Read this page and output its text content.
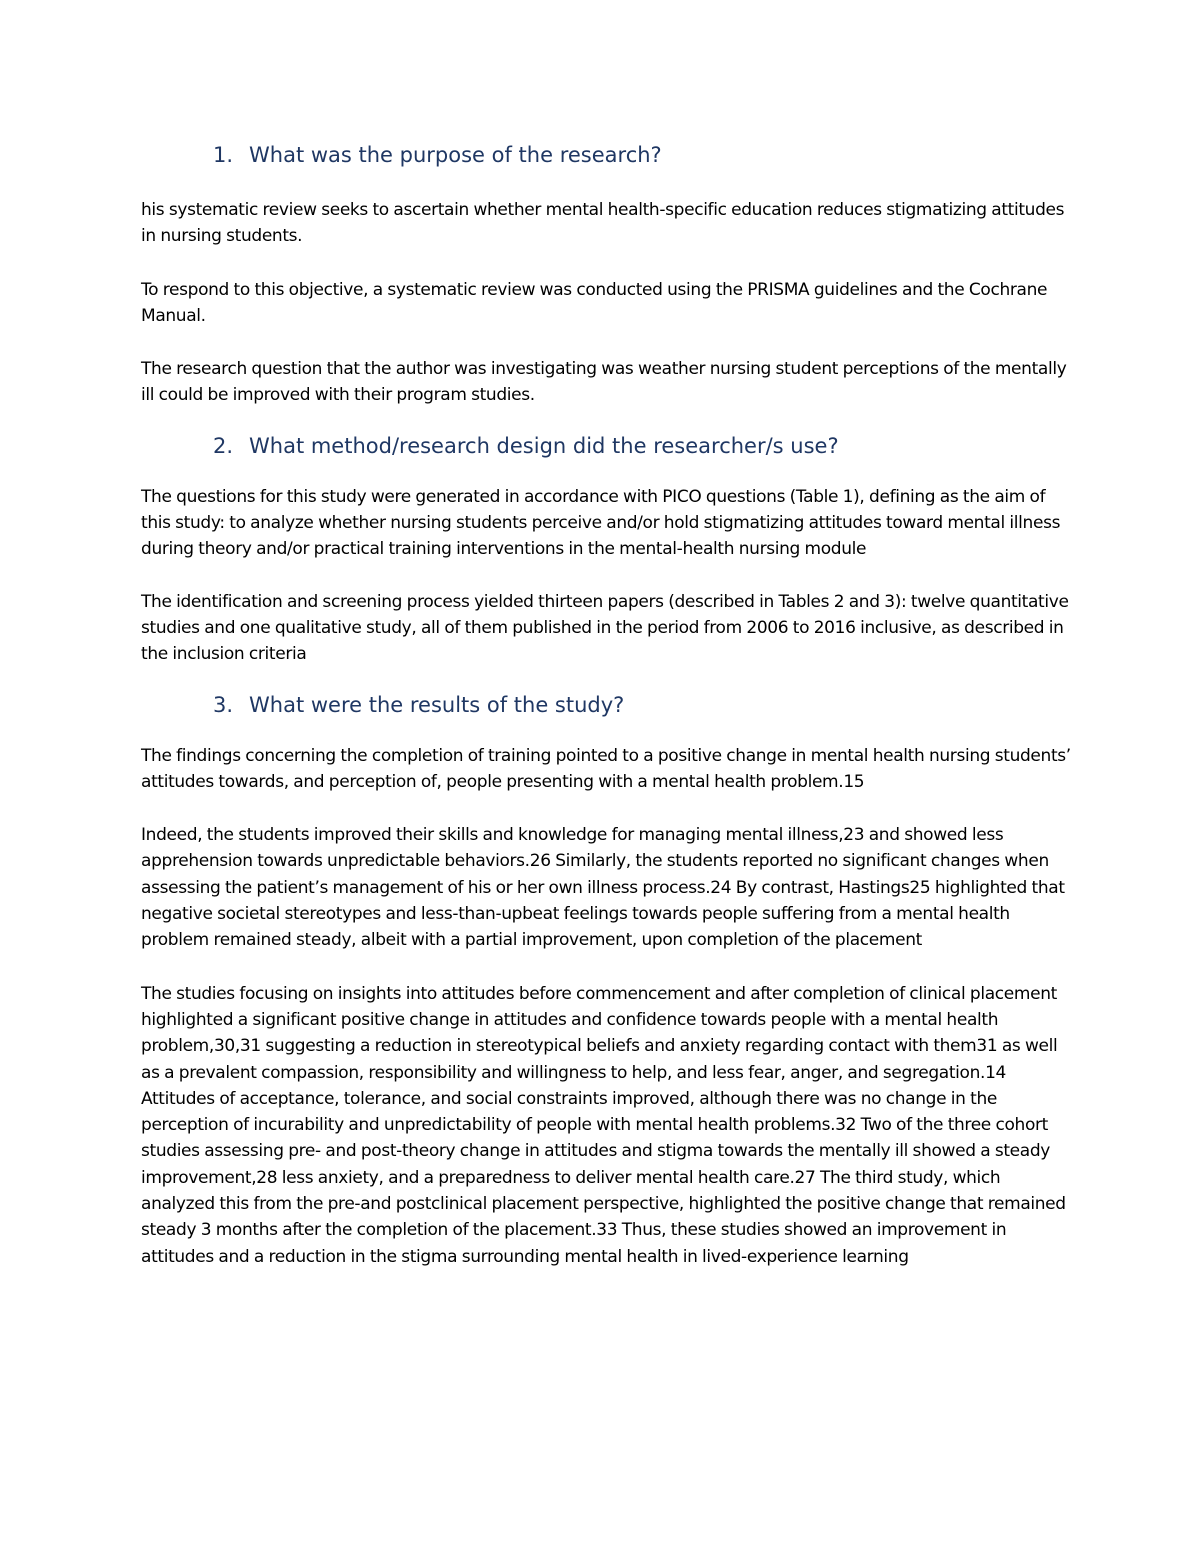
1. What was the purpose of the research?

his systematic review seeks to ascertain whether mental health-specific education reduces stigmatizing attitudes in nursing students.

To respond to this objective, a systematic review was conducted using the PRISMA guidelines and the Cochrane Manual.

The research question that the author was investigating was weather nursing student perceptions of the mentally ill could be improved with their program studies.

2. What method/research design did the researcher/s use?

The questions for this study were generated in accordance with PICO questions (Table 1), defining as the aim of this study: to analyze whether nursing students perceive and/or hold stigmatizing attitudes toward mental illness during theory and/or practical training interventions in the mental-health nursing module

The identification and screening process yielded thirteen papers (described in Tables 2 and 3): twelve quantitative studies and one qualitative study, all of them published in the period from 2006 to 2016 inclusive, as described in the inclusion criteria

3. What were the results of the study?

The findings concerning the completion of training pointed to a positive change in mental health nursing students’ attitudes towards, and perception of, people presenting with a mental health problem.15

Indeed, the students improved their skills and knowledge for managing mental illness,23 and showed less apprehension towards unpredictable behaviors.26 Similarly, the students reported no significant changes when assessing the patient’s management of his or her own illness process.24 By contrast, Hastings25 highlighted that negative societal stereotypes and less-than-upbeat feelings towards people suffering from a mental health problem remained steady, albeit with a partial improvement, upon completion of the placement

The studies focusing on insights into attitudes before commencement and after completion of clinical placement highlighted a significant positive change in attitudes and confidence towards people with a mental health problem,30,31 suggesting a reduction in stereotypical beliefs and anxiety regarding contact with them31 as well as a prevalent compassion, responsibility and willingness to help, and less fear, anger, and segregation.14 Attitudes of acceptance, tolerance, and social constraints improved, although there was no change in the perception of incurability and unpredictability of people with mental health problems.32 Two of the three cohort studies assessing pre- and post-theory change in attitudes and stigma towards the mentally ill showed a steady improvement,28 less anxiety, and a preparedness to deliver mental health care.27 The third study, which analyzed this from the pre-and postclinical placement perspective, highlighted the positive change that remained steady 3 months after the completion of the placement.33 Thus, these studies showed an improvement in attitudes and a reduction in the stigma surrounding mental health in lived-experience learning
